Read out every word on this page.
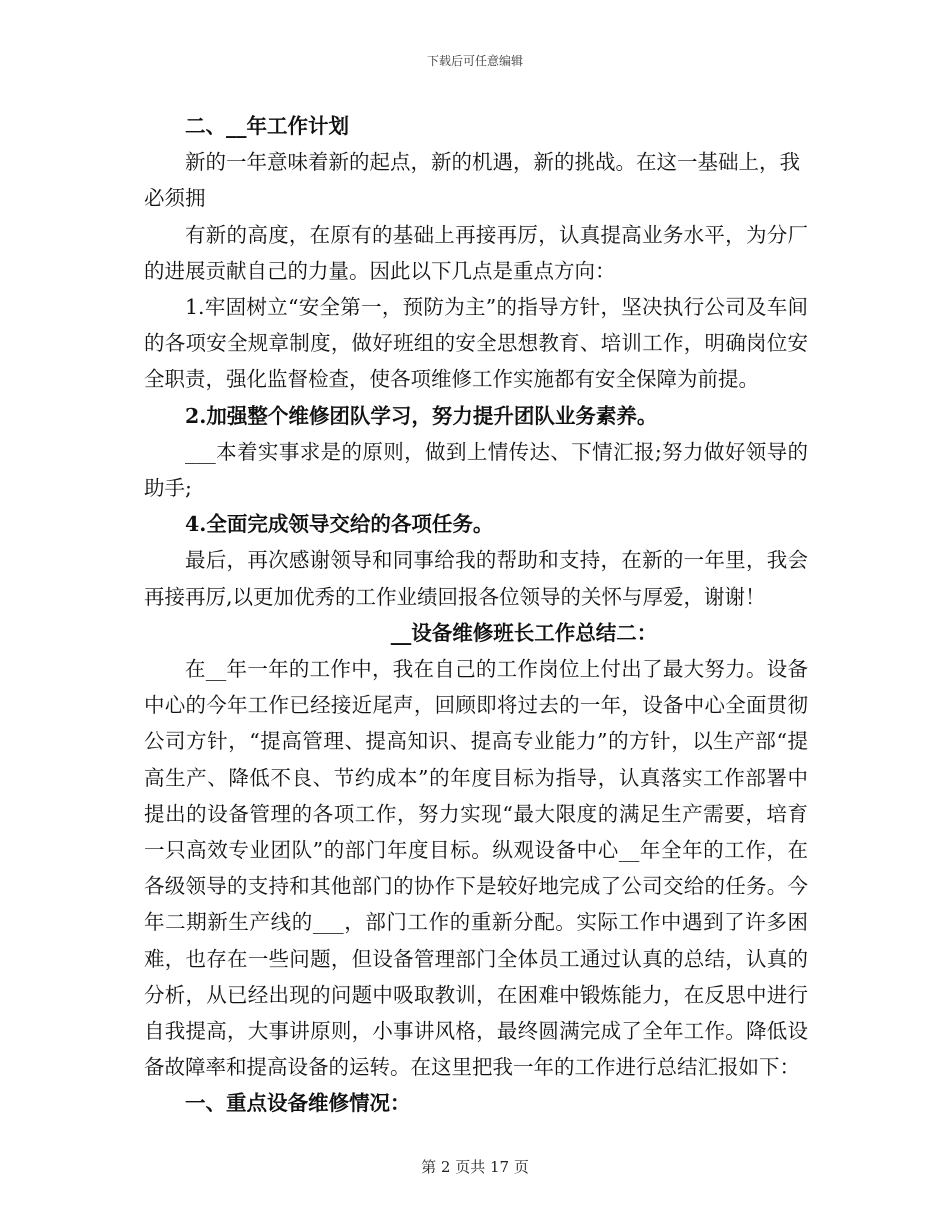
下载后可任意编辑

二、__年工作计划

新的一年意味着新的起点，新的机遇，新的挑战。在这一基础上，我必须拥

有新的高度，在原有的基础上再接再厉，认真提高业务水平，为分厂的进展贡献自己的力量。因此以下几点是重点方向：

1.牢固树立“安全第一，预防为主”的指导方针，坚决执行公司及车间的各项安全规章制度，做好班组的安全思想教育、培训工作，明确岗位安全职责，强化监督检查，使各项维修工作实施都有安全保障为前提。

2.加强整个维修团队学习，努力提升团队业务素养。

___本着实事求是的原则，做到上情传达、下情汇报;努力做好领导的助手;

4.全面完成领导交给的各项任务。

最后，再次感谢领导和同事给我的帮助和支持，在新的一年里，我会再接再厉,以更加优秀的工作业绩回报各位领导的关怀与厚爱，谢谢！

__设备维修班长工作总结二：

在__年一年的工作中，我在自己的工作岗位上付出了最大努力。设备中心的今年工作已经接近尾声，回顾即将过去的一年，设备中心全面贯彻公司方针，“提高管理、提高知识、提高专业能力”的方针，以生产部“提高生产、降低不良、节约成本”的年度目标为指导，认真落实工作部署中提出的设备管理的各项工作，努力实现“最大限度的满足生产需要，培育一只高效专业团队”的部门年度目标。纵观设备中心__年全年的工作，在各级领导的支持和其他部门的协作下是较好地完成了公司交给的任务。今年二期新生产线的___，部门工作的重新分配。实际工作中遇到了许多困难，也存在一些问题，但设备管理部门全体员工通过认真的总结，认真的分析，从已经出现的问题中吸取教训，在困难中锻炼能力，在反思中进行自我提高，大事讲原则，小事讲风格，最终圆满完成了全年工作。降低设备故障率和提高设备的运转。在这里把我一年的工作进行总结汇报如下：

一、重点设备维修情况：

第 2 页共 17 页
